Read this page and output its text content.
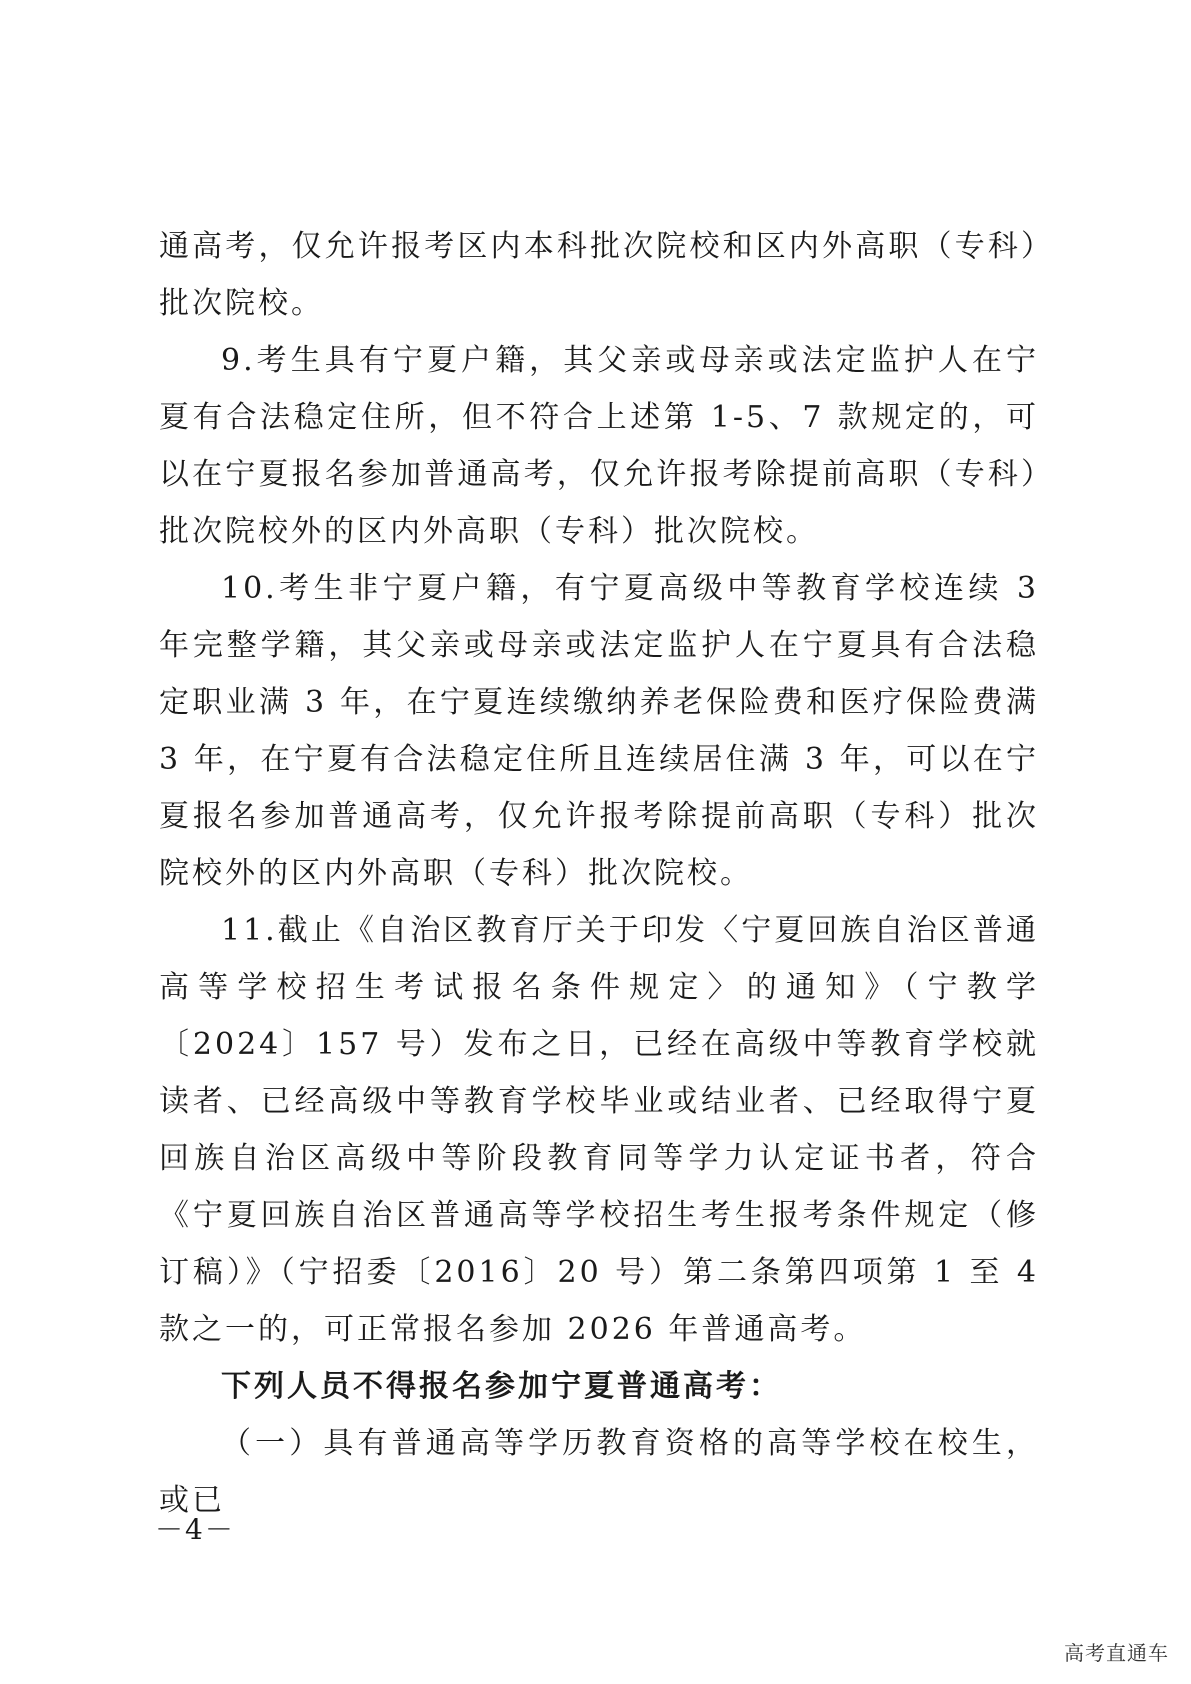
通高考，仅允许报考区内本科批次院校和区内外高职（专科）批次院校。

9.考生具有宁夏户籍，其父亲或母亲或法定监护人在宁夏有合法稳定住所，但不符合上述第 1-5、7 款规定的，可以在宁夏报名参加普通高考，仅允许报考除提前高职（专科）批次院校外的区内外高职（专科）批次院校。

10.考生非宁夏户籍，有宁夏高级中等教育学校连续 3 年完整学籍，其父亲或母亲或法定监护人在宁夏具有合法稳定职业满 3 年，在宁夏连续缴纳养老保险费和医疗保险费满 3 年，在宁夏有合法稳定住所且连续居住满 3 年，可以在宁夏报名参加普通高考，仅允许报考除提前高职（专科）批次院校外的区内外高职（专科）批次院校。

11.截止《自治区教育厅关于印发〈宁夏回族自治区普通高等学校招生考试报名条件规定〉的通知》（宁教学〔2024〕157 号）发布之日，已经在高级中等教育学校就读者、已经高级中等教育学校毕业或结业者、已经取得宁夏回族自治区高级中等阶段教育同等学力认定证书者，符合《宁夏回族自治区普通高等学校招生考生报考条件规定（修订稿）》（宁招委〔2016〕20 号）第二条第四项第 1 至 4 款之一的，可正常报名参加 2026 年普通高考。

下列人员不得报名参加宁夏普通高考：

（一）具有普通高等学历教育资格的高等学校在校生，或已

－4－
高考直通车
